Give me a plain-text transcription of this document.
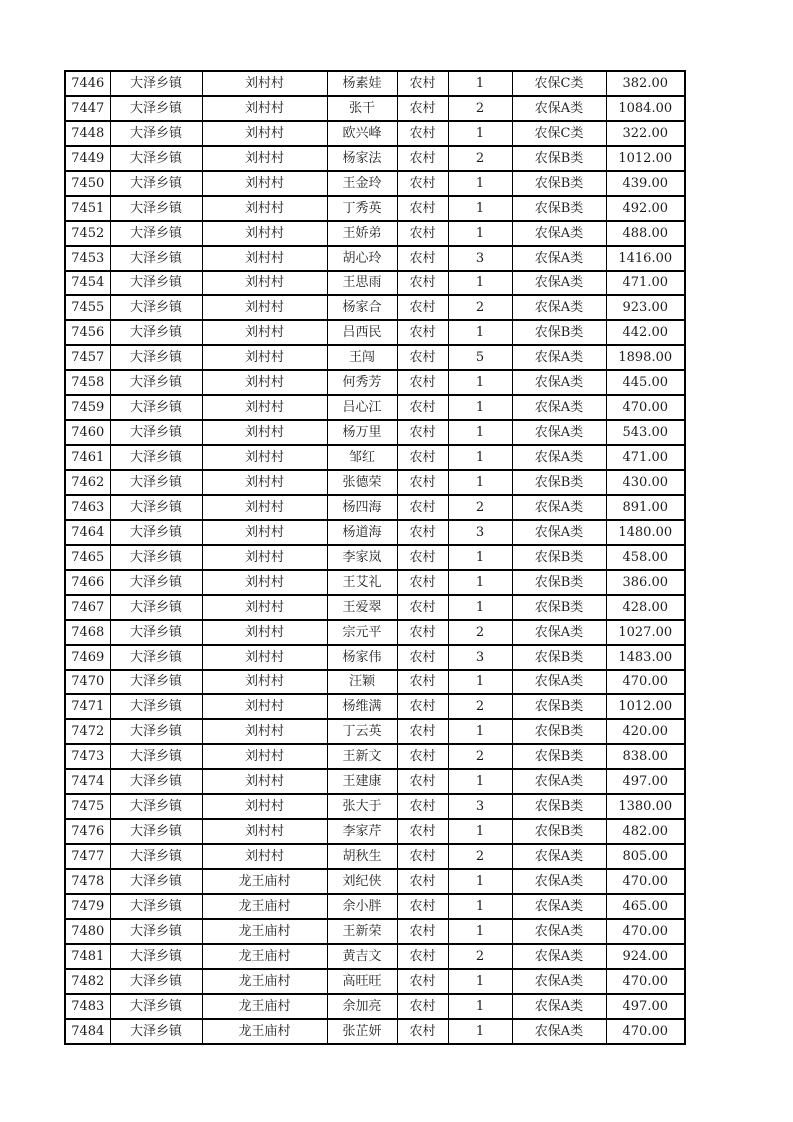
7446	大泽乡镇	刘村村	杨素娃	农村	1	农保C类	382.00
7447	大泽乡镇	刘村村	张干	农村	2	农保A类	1084.00
7448	大泽乡镇	刘村村	欧兴峰	农村	1	农保C类	322.00
7449	大泽乡镇	刘村村	杨家法	农村	2	农保B类	1012.00
7450	大泽乡镇	刘村村	王金玲	农村	1	农保B类	439.00
7451	大泽乡镇	刘村村	丁秀英	农村	1	农保B类	492.00
7452	大泽乡镇	刘村村	王娇弟	农村	1	农保A类	488.00
7453	大泽乡镇	刘村村	胡心玲	农村	3	农保A类	1416.00
7454	大泽乡镇	刘村村	王思雨	农村	1	农保A类	471.00
7455	大泽乡镇	刘村村	杨家合	农村	2	农保A类	923.00
7456	大泽乡镇	刘村村	吕西民	农村	1	农保B类	442.00
7457	大泽乡镇	刘村村	王闯	农村	5	农保A类	1898.00
7458	大泽乡镇	刘村村	何秀芳	农村	1	农保A类	445.00
7459	大泽乡镇	刘村村	吕心江	农村	1	农保A类	470.00
7460	大泽乡镇	刘村村	杨万里	农村	1	农保A类	543.00
7461	大泽乡镇	刘村村	邹红	农村	1	农保A类	471.00
7462	大泽乡镇	刘村村	张德荣	农村	1	农保B类	430.00
7463	大泽乡镇	刘村村	杨四海	农村	2	农保A类	891.00
7464	大泽乡镇	刘村村	杨道海	农村	3	农保A类	1480.00
7465	大泽乡镇	刘村村	李家岚	农村	1	农保B类	458.00
7466	大泽乡镇	刘村村	王艾礼	农村	1	农保B类	386.00
7467	大泽乡镇	刘村村	王爱翠	农村	1	农保B类	428.00
7468	大泽乡镇	刘村村	宗元平	农村	2	农保A类	1027.00
7469	大泽乡镇	刘村村	杨家伟	农村	3	农保B类	1483.00
7470	大泽乡镇	刘村村	汪颖	农村	1	农保A类	470.00
7471	大泽乡镇	刘村村	杨维满	农村	2	农保B类	1012.00
7472	大泽乡镇	刘村村	丁云英	农村	1	农保B类	420.00
7473	大泽乡镇	刘村村	王新文	农村	2	农保B类	838.00
7474	大泽乡镇	刘村村	王建康	农村	1	农保A类	497.00
7475	大泽乡镇	刘村村	张大于	农村	3	农保B类	1380.00
7476	大泽乡镇	刘村村	李家芹	农村	1	农保B类	482.00
7477	大泽乡镇	刘村村	胡秋生	农村	2	农保A类	805.00
7478	大泽乡镇	龙王庙村	刘纪侠	农村	1	农保A类	470.00
7479	大泽乡镇	龙王庙村	余小胖	农村	1	农保A类	465.00
7480	大泽乡镇	龙王庙村	王新荣	农村	1	农保A类	470.00
7481	大泽乡镇	龙王庙村	黄吉文	农村	2	农保A类	924.00
7482	大泽乡镇	龙王庙村	高旺旺	农村	1	农保A类	470.00
7483	大泽乡镇	龙王庙村	余加亮	农村	1	农保A类	497.00
7484	大泽乡镇	龙王庙村	张芷妍	农村	1	农保A类	470.00
